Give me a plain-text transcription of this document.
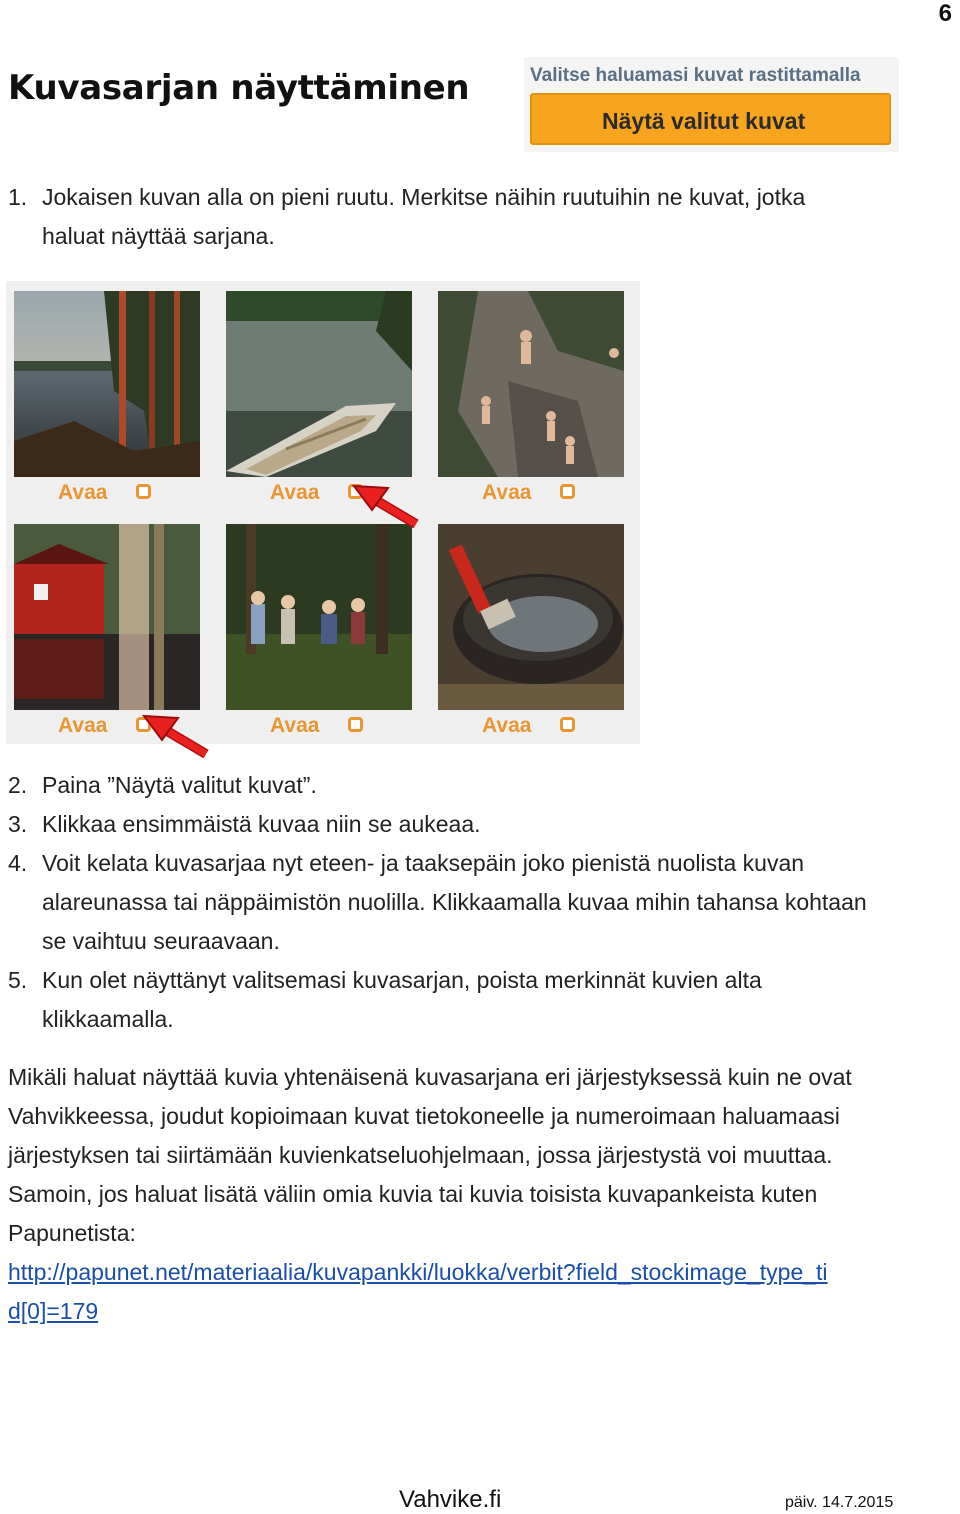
6
Kuvasarjan näyttäminen	Valitse haluamasi kuvat rastittamalla
Näytä valitut kuvat
1. Jokaisen kuvan alla on pieni ruutu. Merkitse näihin ruutuihin ne kuvat, jotka
haluat näyttää sarjana.
Avaa	Avaa	Avaa
Avaa	Avaa	Avaa
2. Paina ”Näytä valitut kuvat”.
3. Klikkaa ensimmäistä kuvaa niin se aukeaa.
4. Voit kelata kuvasarjaa nyt eteen- ja taaksepäin joko pienistä nuolista kuvan
alareunassa tai näppäimistön nuolilla. Klikkaamalla kuvaa mihin tahansa kohtaan
se vaihtuu seuraavaan.
5. Kun olet näyttänyt valitsemasi kuvasarjan, poista merkinnät kuvien alta
klikkaamalla.
Mikäli haluat näyttää kuvia yhtenäisenä kuvasarjana eri järjestyksessä kuin ne ovat
Vahvikkeessa, joudut kopioimaan kuvat tietokoneelle ja numeroimaan haluamaasi
järjestyksen tai siirtämään kuvienkatseluohjelmaan, jossa järjestystä voi muuttaa.
Samoin, jos haluat lisätä väliin omia kuvia tai kuvia toisista kuvapankeista kuten
Papunetista:
http://papunet.net/materiaalia/kuvapankki/luokka/verbit?field_stockimage_type_ti
d[0]=179
Vahvike.fi	päiv. 14.7.2015
